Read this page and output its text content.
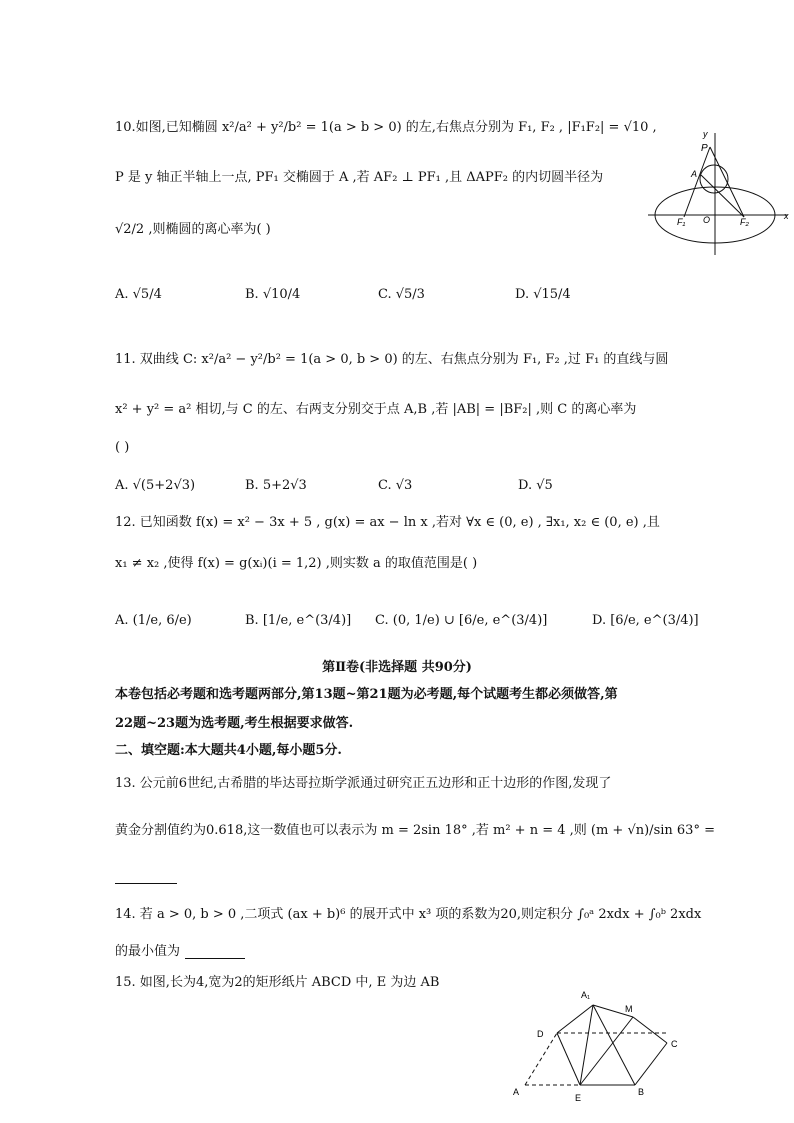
10.如图,已知椭圆 x²/a² + y²/b² = 1(a > b > 0) 的左,右焦点分别为 F₁, F₂ , |F₁F₂| = √10 ,
P 是 y 轴正半轴上一点, PF₁ 交椭圆于 A ,若 AF₂ ⊥ PF₁ ,且 ΔAPF₂ 的内切圆半径为
√2/2 ,则椭圆的离心率为( )
A. √5/4	B. √10/4	C. √5/3	D. √15/4
y
P
A
F₁ O	F₂
x
11. 双曲线 C: x²/a² − y²/b² = 1(a > 0, b > 0) 的左、右焦点分别为 F₁, F₂ ,过 F₁ 的直线与圆
x² + y² = a² 相切,与 C 的左、右两支分别交于点 A,B ,若 |AB| = |BF₂| ,则 C 的离心率为
( )
A. √(5+2√3)	B. 5+2√3	C. √3	D. √5
12. 已知函数 f(x) = x² − 3x + 5 , g(x) = ax − ln x ,若对 ∀x ∈ (0, e) , ∃x₁, x₂ ∈ (0, e) ,且
x₁ ≠ x₂ ,使得 f(x) = g(xᵢ)(i = 1,2) ,则实数 a 的取值范围是( )
A. (1/e, 6/e)	B. [1/e, e^(3/4)] C. (0, 1/e) ∪ [6/e, e^(3/4)]	D. [6/e, e^(3/4)]
第Ⅱ卷(非选择题 共90分)
本卷包括必考题和选考题两部分,第13题~第21题为必考题,每个试题考生都必须做答,第
22题~23题为选考题,考生根据要求做答.
二、填空题:本大题共4小题,每小题5分.
13. 公元前6世纪,古希腊的毕达哥拉斯学派通过研究正五边形和正十边形的作图,发现了
黄金分割值约为0.618,这一数值也可以表示为 m = 2sin 18° ,若 m² + n = 4 ,则 (m + √n)/sin 63° =
14. 若 a > 0, b > 0 ,二项式 (ax + b)⁶ 的展开式中 x³ 项的系数为20,则定积分 ∫₀ᵃ 2xdx + ∫₀ᵇ 2xdx
的最小值为
15. 如图,长为4,宽为2的矩形纸片 ABCD 中, E 为边 AB
A₁
M
D
C
A
E
B
